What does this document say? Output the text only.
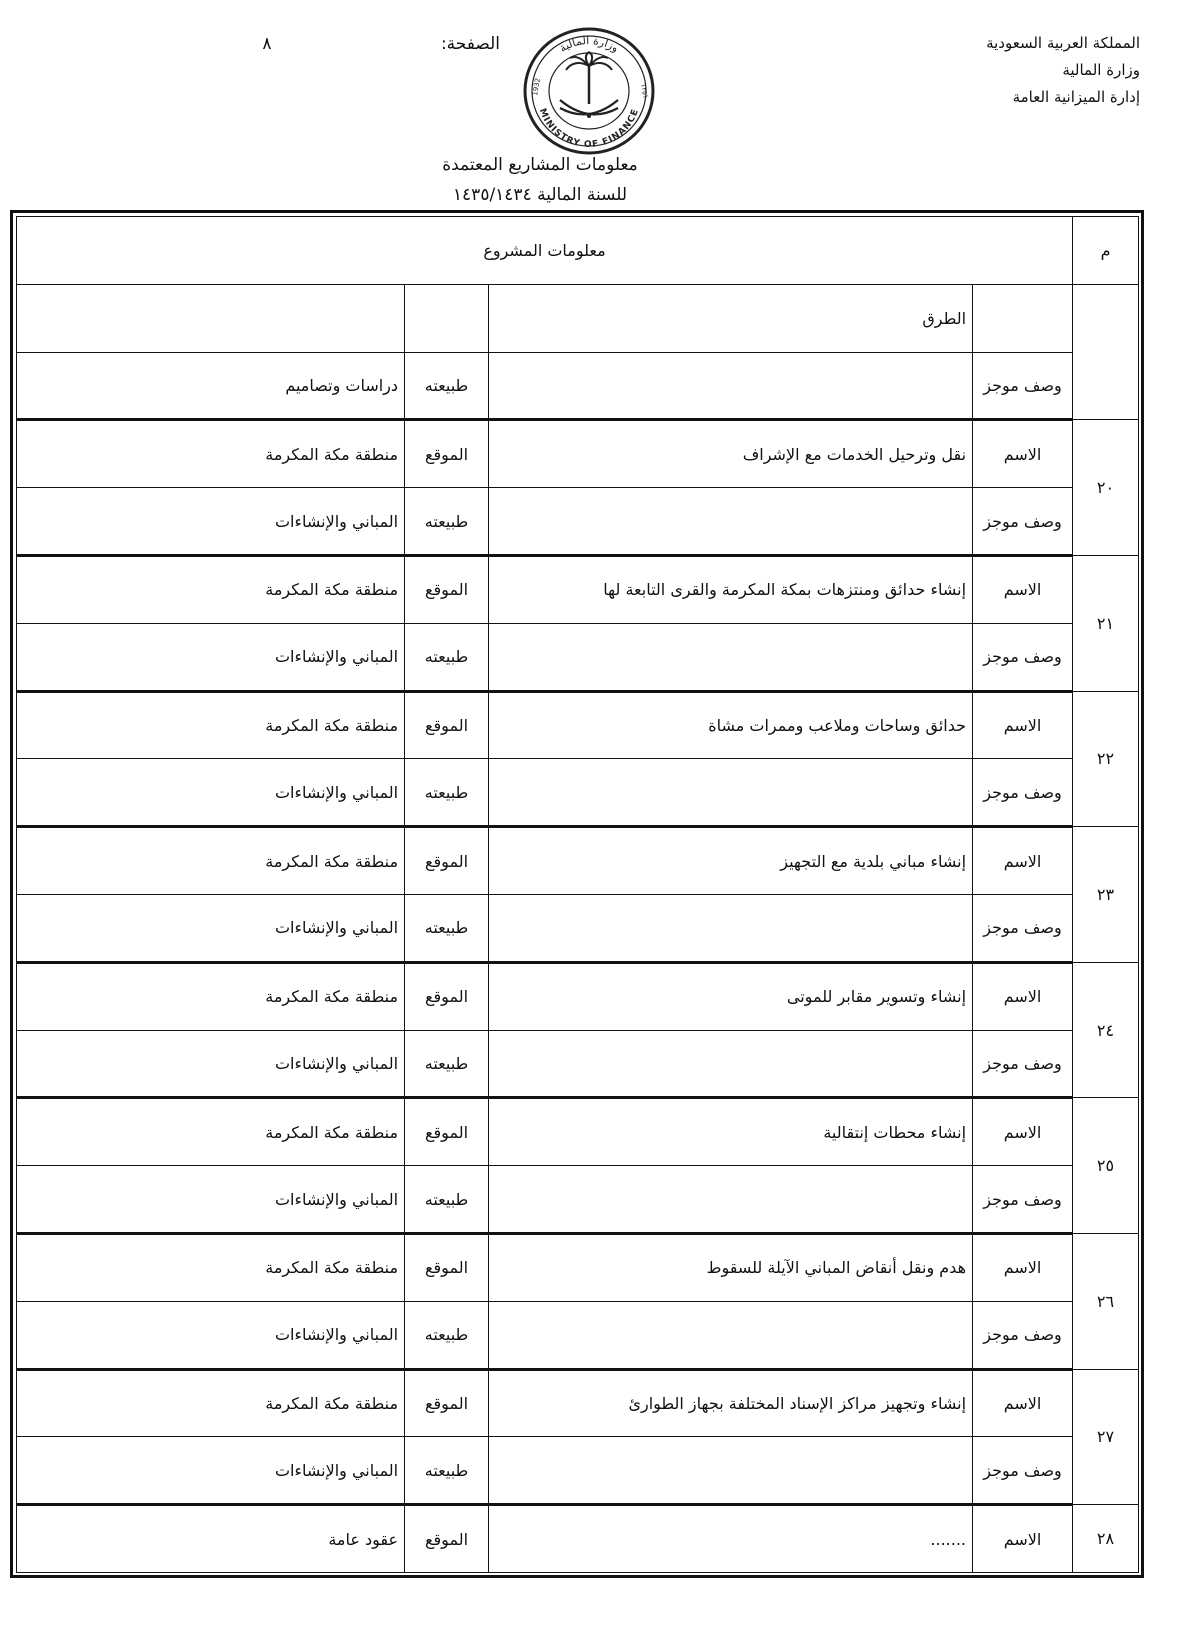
المملكة العربية السعودية
وزارة المالية
إدارة الميزانية العامة
الصفحة:
٨	وزارة المالية
MINISTRY OF FINANCE
1932	١٣٥١
معلومات المشاريع المعتمدة
للسنة المالية ١٤٣٥/١٤٣٤
م	معلومات المشروع			
		الطرق		
	وصف موجز		طبيعته	دراسات وتصاميم
٢٠	الاسم	نقل وترحيل الخدمات مع الإشراف	الموقع	منطقة مكة المكرمة
	وصف موجز		طبيعته	المباني والإنشاءات
٢١	الاسم	إنشاء حدائق ومنتزهات بمكة المكرمة والقرى التابعة لها	الموقع	منطقة مكة المكرمة
	وصف موجز		طبيعته	المباني والإنشاءات
٢٢	الاسم	حدائق وساحات وملاعب وممرات مشاة	الموقع	منطقة مكة المكرمة
	وصف موجز		طبيعته	المباني والإنشاءات
٢٣	الاسم	إنشاء مباني بلدية مع التجهيز	الموقع	منطقة مكة المكرمة
	وصف موجز		طبيعته	المباني والإنشاءات
٢٤	الاسم	إنشاء وتسوير مقابر للموتى	الموقع	منطقة مكة المكرمة
	وصف موجز		طبيعته	المباني والإنشاءات
٢٥	الاسم	إنشاء محطات إنتقالية	الموقع	منطقة مكة المكرمة
	وصف موجز		طبيعته	المباني والإنشاءات
٢٦	الاسم	هدم ونقل أنقاض المباني الآيلة للسقوط	الموقع	منطقة مكة المكرمة
	وصف موجز		طبيعته	المباني والإنشاءات
٢٧	الاسم	إنشاء وتجهيز مراكز الإسناد المختلفة بجهاز الطوارئ	الموقع	منطقة مكة المكرمة
	وصف موجز		طبيعته	المباني والإنشاءات
٢٨	الاسم	.......	الموقع	عقود عامة
